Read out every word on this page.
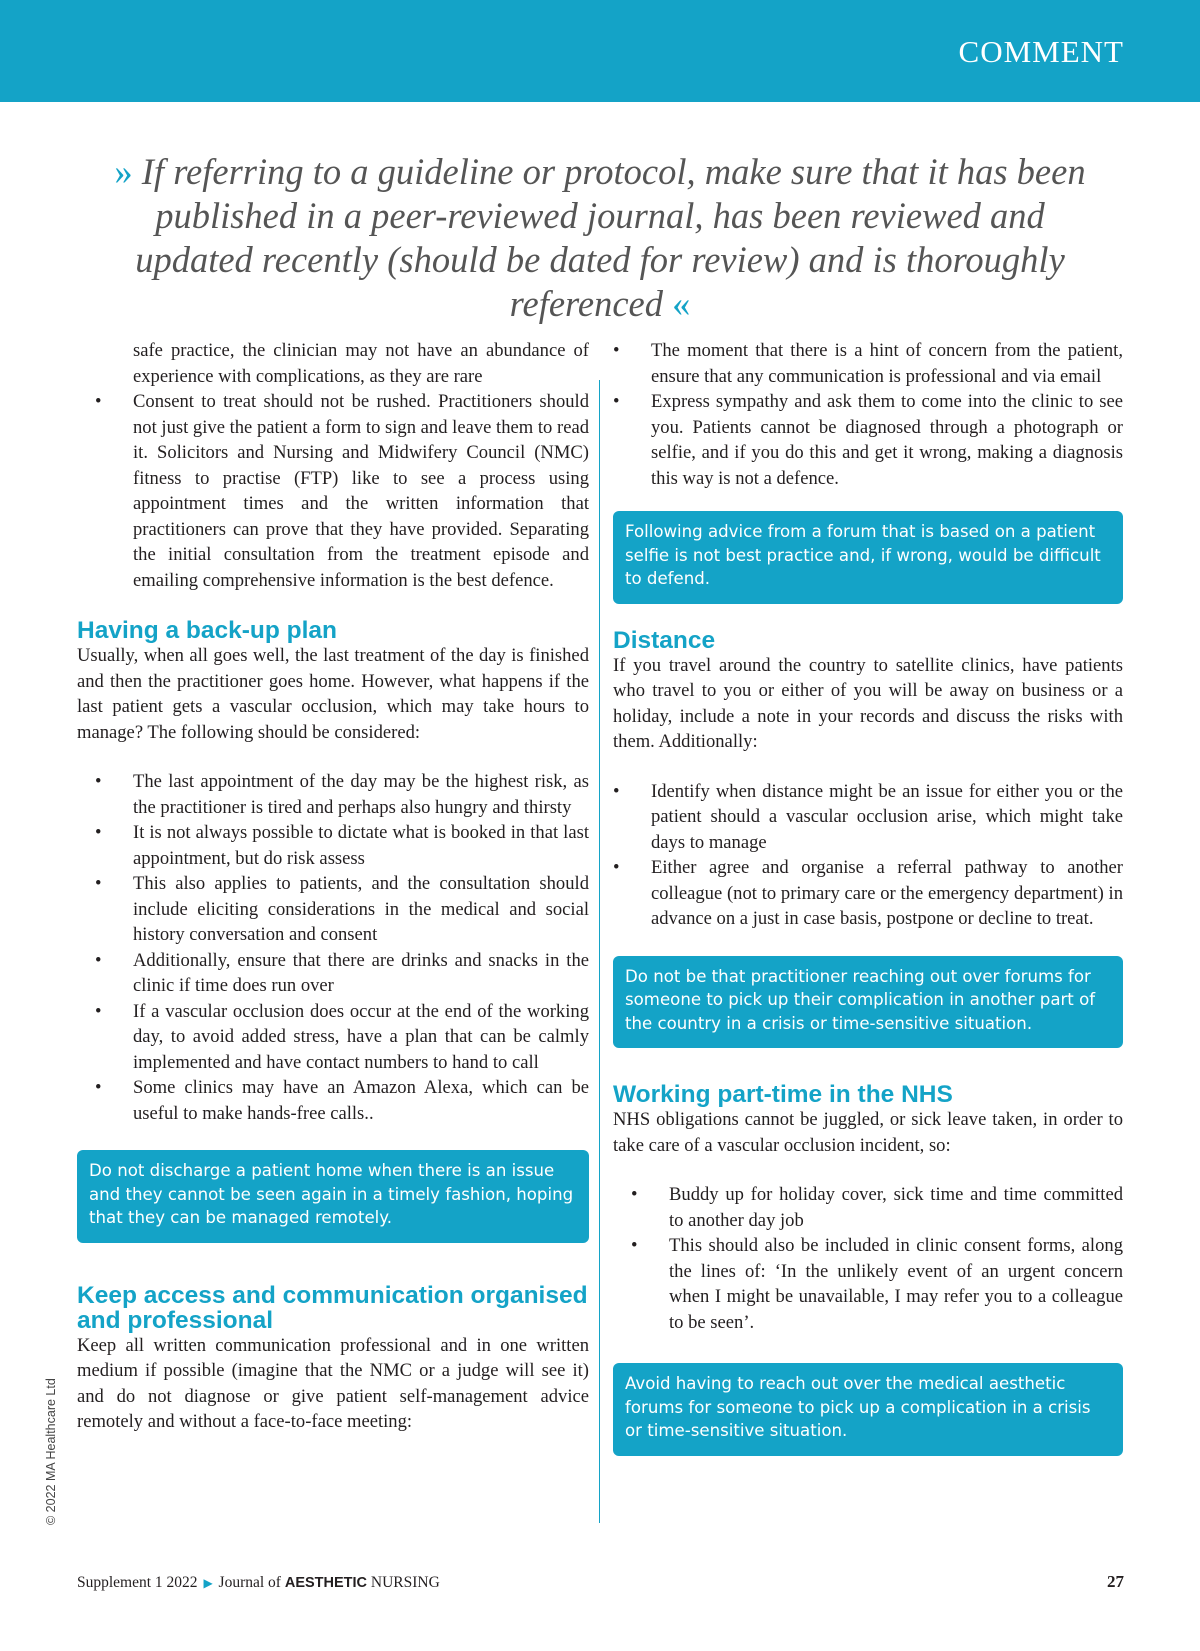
COMMENT
» If referring to a guideline or protocol, make sure that it has been published in a peer-reviewed journal, has been reviewed and updated recently (should be dated for review) and is thoroughly referenced «

safe practice, the clinician may not have an abundance of experience with complications, as they are rare

• Consent to treat should not be rushed. Practitioners should not just give the patient a form to sign and leave them to read it. Solicitors and Nursing and Midwifery Council (NMC) fitness to practise (FTP) like to see a process using appointment times and the written information that practitioners can prove that they have provided. Separating the initial consultation from the treatment episode and emailing comprehensive information is the best defence.
Having a back-up plan

Usually, when all goes well, the last treatment of the day is finished and then the practitioner goes home. However, what happens if the last patient gets a vascular occlusion, which may take hours to manage? The following should be considered:

• The last appointment of the day may be the highest risk, as the practitioner is tired and perhaps also hungry and thirsty
• It is not always possible to dictate what is booked in that last appointment, but do risk assess
• This also applies to patients, and the consultation should include eliciting considerations in the medical and social history conversation and consent
• Additionally, ensure that there are drinks and snacks in the clinic if time does run over
• If a vascular occlusion does occur at the end of the working day, to avoid added stress, have a plan that can be calmly implemented and have contact numbers to hand to call
• Some clinics may have an Amazon Alexa, which can be useful to make hands-free calls..
Do not discharge a patient home when there is an issue and they cannot be seen again in a timely fashion, hoping that they can be managed remotely.
Keep access and communication organised and professional

Keep all written communication professional and in one written medium if possible (imagine that the NMC or a judge will see it) and do not diagnose or give patient self-management advice remotely and without a face-to-face meeting:

• The moment that there is a hint of concern from the patient, ensure that any communication is professional and via email
• Express sympathy and ask them to come into the clinic to see you. Patients cannot be diagnosed through a photograph or selfie, and if you do this and get it wrong, making a diagnosis this way is not a defence.
Following advice from a forum that is based on a patient selfie is not best practice and, if wrong, would be difficult to defend.
Distance

If you travel around the country to satellite clinics, have patients who travel to you or either of you will be away on business or a holiday, include a note in your records and discuss the risks with them. Additionally:

• Identify when distance might be an issue for either you or the patient should a vascular occlusion arise, which might take days to manage
• Either agree and organise a referral pathway to another colleague (not to primary care or the emergency department) in advance on a just in case basis, postpone or decline to treat.
Do not be that practitioner reaching out over forums for someone to pick up their complication in another part of the country in a crisis or time-sensitive situation.
Working part-time in the NHS

NHS obligations cannot be juggled, or sick leave taken, in order to take care of a vascular occlusion incident, so:

• Buddy up for holiday cover, sick time and time committed to another day job
• This should also be included in clinic consent forms, along the lines of: ‘In the unlikely event of an urgent concern when I might be unavailable, I may refer you to a colleague to be seen’.
Avoid having to reach out over the medical aesthetic forums for someone to pick up a complication in a crisis or time-sensitive situation.
© 2022 MA Healthcare Ltd
Supplement 1 2022 ▶ Journal of AESTHETIC NURSING	27
